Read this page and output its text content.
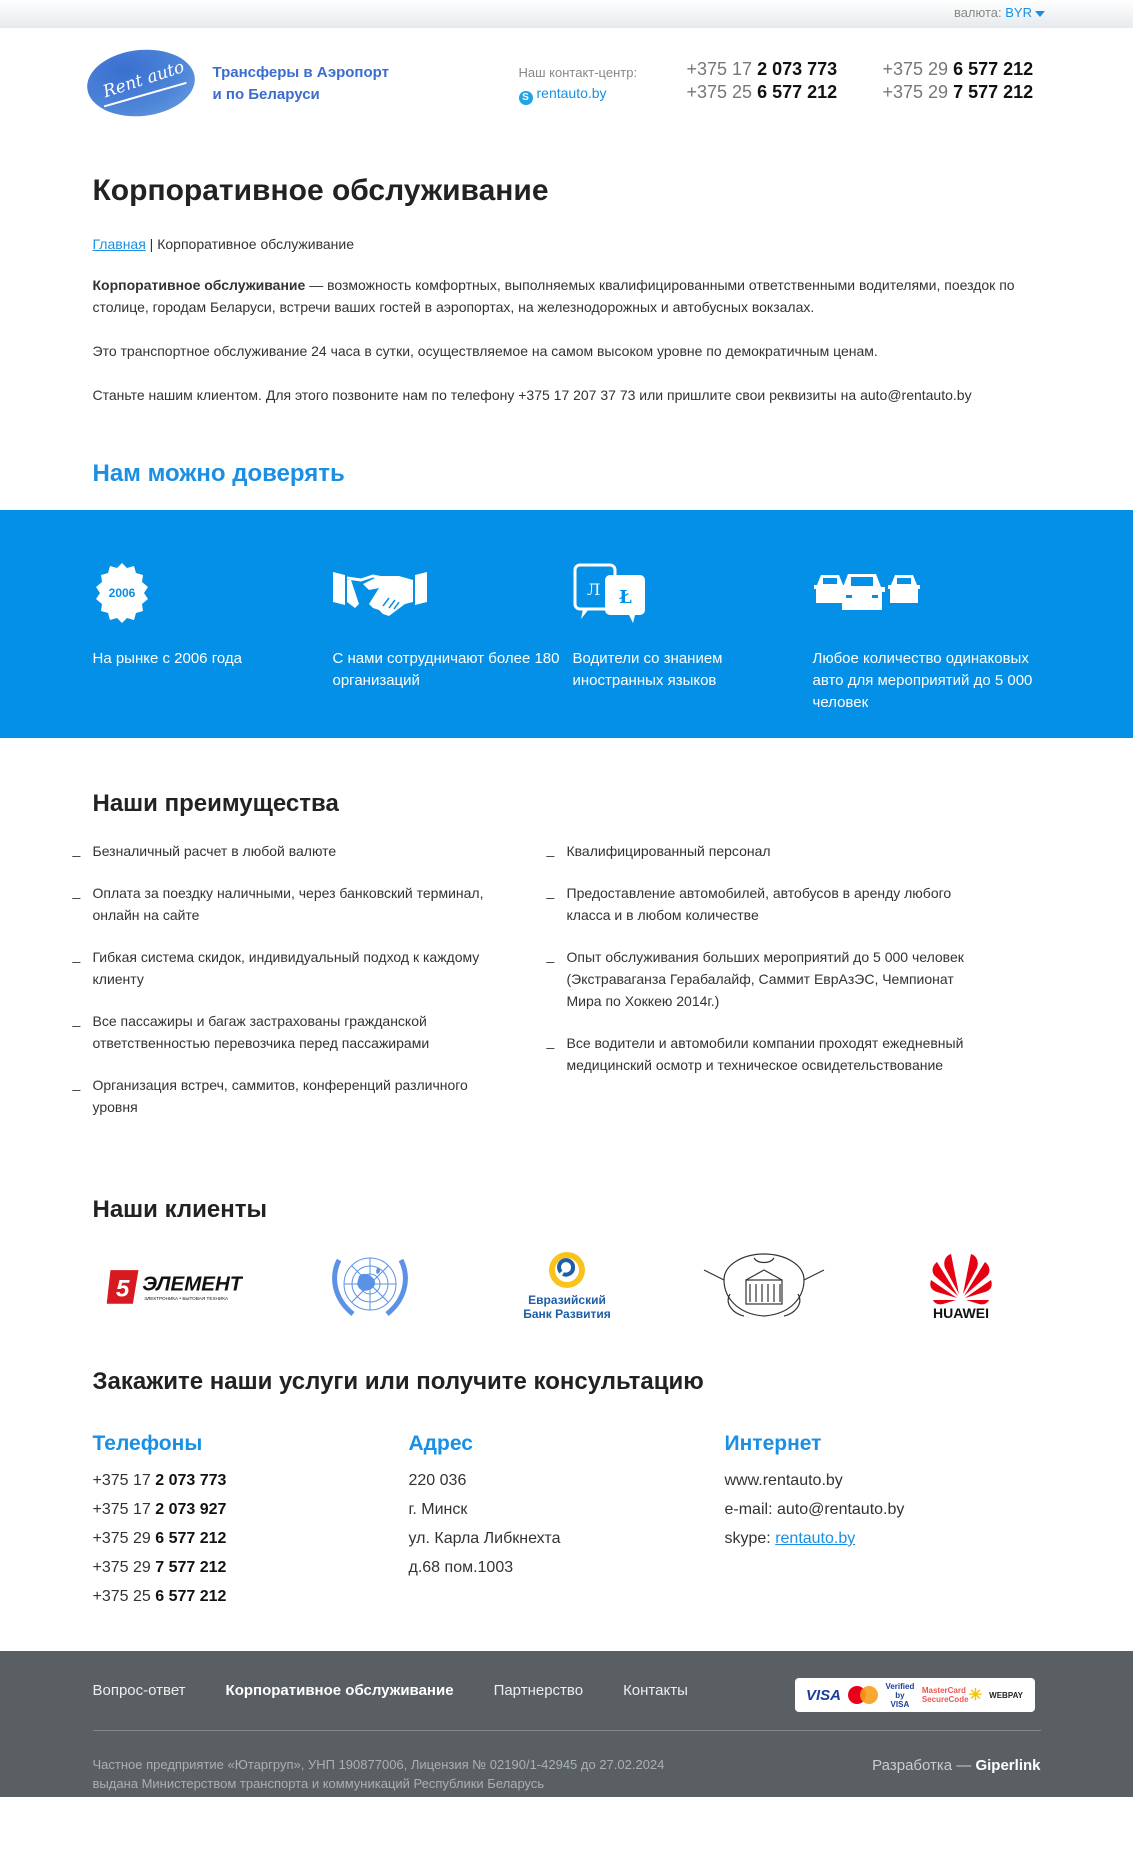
валюта: BYR
Rent auto Трансферы в Аэропорт
и по Беларуси
Наш контакт-центр:
S rentauto.by
+375 17 2 073 773
+375 25 6 577 212
+375 29 6 577 212
+375 29 7 577 212
Корпоративное обслуживание
Главная | Корпоративное обслуживание

Корпоративное обслуживание — возможность комфортных, выполняемых квалифицированными ответственными водителями, поездок по столице, городам Беларуси, встречи ваших гостей в аэропортах, на железнодорожных и автобусных вокзалах.

Это транспортное обслуживание 24 часа в сутки, осуществляемое на самом высоком уровне по демократичным ценам.

Станьте нашим клиентом. Для этого позвоните нам по телефону +375 17 207 37 73 или пришлите свои реквизиты на auto@rentauto.by

Нам можно доверять
2006
На рынке с 2006 года	С нами сотрудничают более 180 организаций
Л Ł
Водители со знанием иностранных языков
Любое количество одинаковых авто для мероприятий до 5 000 человек
Наши преимущества
_ Безналичный расчет в любой валюте
_ Оплата за поездку наличными, через банковский терминал, онлайн на сайте
_ Гибкая система скидок, индивидуальный подход к каждому клиенту
_ Все пассажиры и багаж застрахованы гражданской ответственностью перевозчика перед пассажирами
_ Организация встреч, саммитов, конференций различного уровня
_ Квалифицированный персонал
_ Предоставление автомобилей, автобусов в аренду любого класса и в любом количестве
_ Опыт обслуживания больших мероприятий до 5 000 человек (Экстраваганза Герабалайф, Саммит ЕврАзЭС, Чемпионат Мира по Хоккею 2014г.)
_ Все водители и автомобили компании проходят ежедневный медицинский осмотр и техническое освидетельствование
Наши клиенты
5 ЭЛЕМЕНТ
ЭЛЕКТРОНИКА • БЫТОВАЯ ТЕХНИКА	Евразийский
Банк Развития	HUAWEI
Закажите наши услуги или получите консультацию
Телефоны
+375 17 2 073 773
+375 17 2 073 927
+375 29 6 577 212
+375 29 7 577 212
+375 25 6 577 212
Адрес
220 036
г. Минск
ул. Карла Либкнехта
д.68 пом.1003
Интернет
www.rentauto.by
e-mail: auto@rentauto.by
skype: rentauto.by
Вопрос-ответ	Корпоративное обслуживание	Партнерство	Контакты	VISA
Verified by VISA
MasterCard SecureCode ✳ WEBPAY
Частное предприятие «Ютаргруп», УНП 190877006, Лицензия № 02190/1-42945 до 27.02.2024
выдана Министерством транспорта и коммуникаций Республики Беларусь
Разработка — Giperlink
